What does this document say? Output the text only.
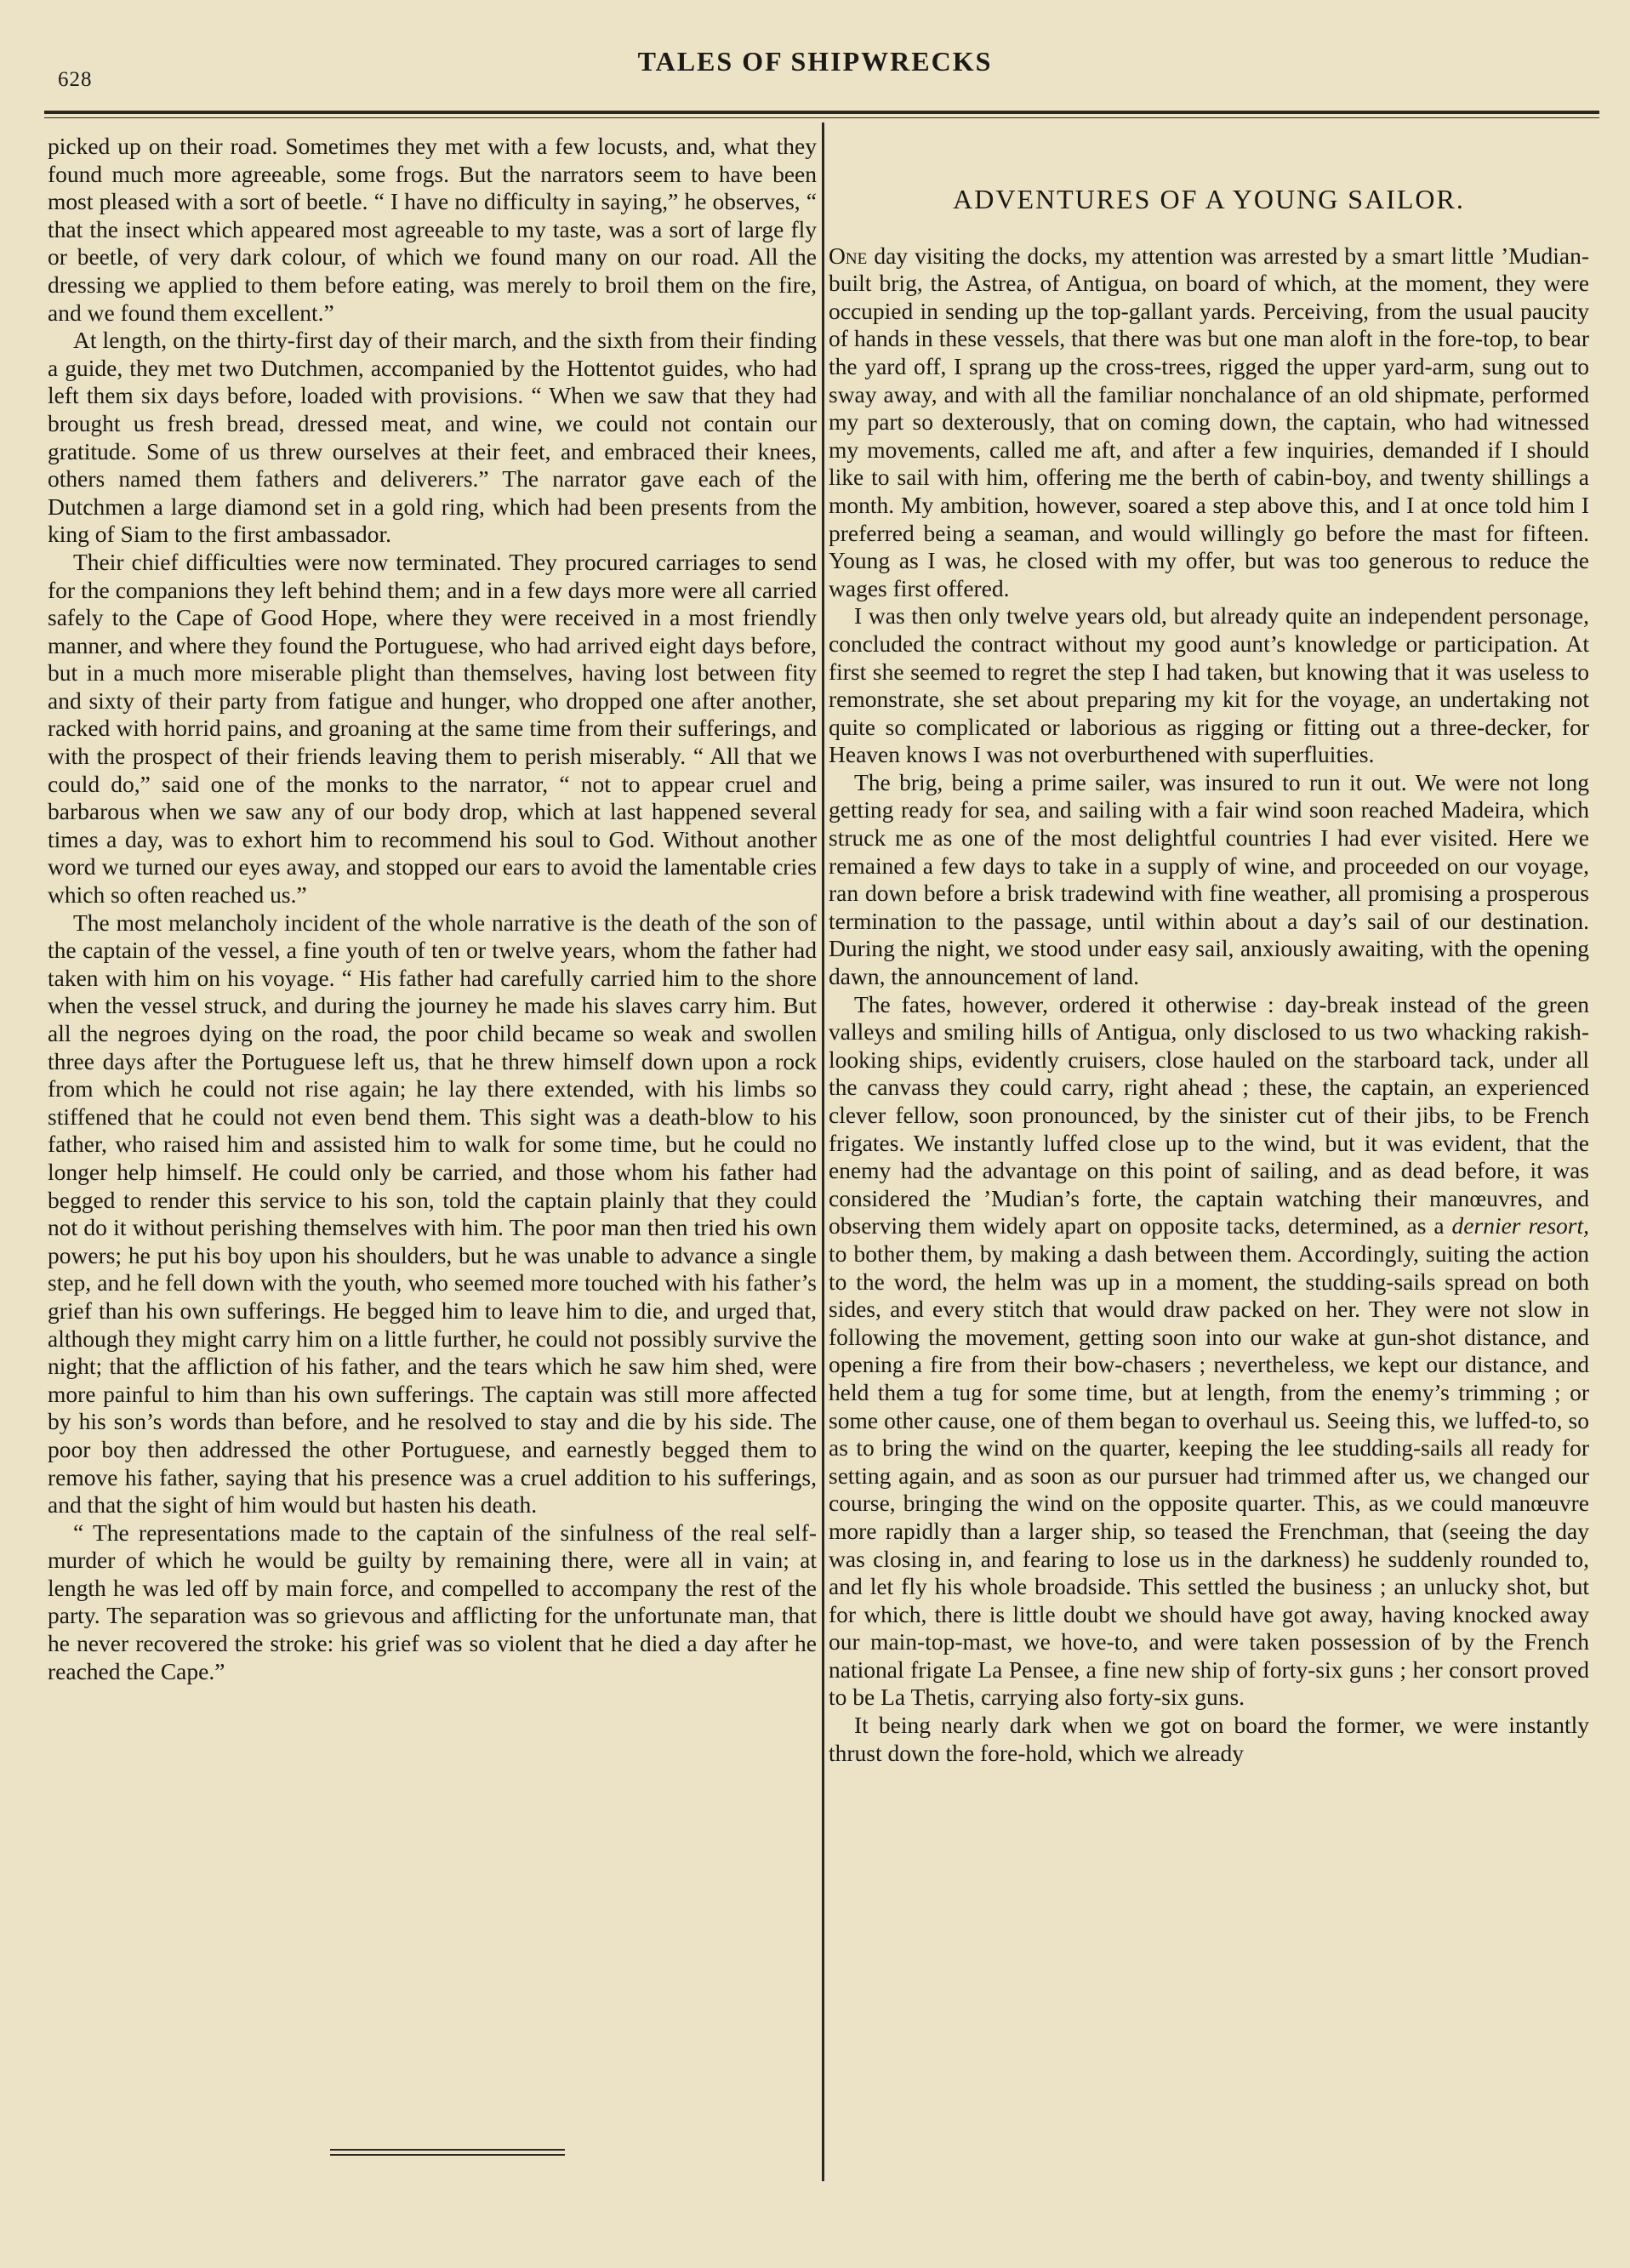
628
TALES OF SHIPWRECKS

picked up on their road. Sometimes they met with a few locusts, and, what they found much more agreeable, some frogs. But the narrators seem to have been most pleased with a sort of beetle. “ I have no difficulty in saying,” he observes, “ that the insect which appeared most agreeable to my taste, was a sort of large fly or beetle, of very dark colour, of which we found many on our road. All the dressing we applied to them before eating, was merely to broil them on the fire, and we found them excellent.”

At length, on the thirty-first day of their march, and the sixth from their finding a guide, they met two Dutchmen, accompanied by the Hottentot guides, who had left them six days before, loaded with provisions. “ When we saw that they had brought us fresh bread, dressed meat, and wine, we could not contain our gratitude. Some of us threw ourselves at their feet, and embraced their knees, others named them fathers and deliverers.” The narrator gave each of the Dutchmen a large diamond set in a gold ring, which had been presents from the king of Siam to the first ambassador.

Their chief difficulties were now terminated. They procured carriages to send for the companions they left behind them; and in a few days more were all carried safely to the Cape of Good Hope, where they were received in a most friendly manner, and where they found the Portuguese, who had arrived eight days before, but in a much more miserable plight than themselves, having lost between fity and sixty of their party from fatigue and hunger, who dropped one after another, racked with horrid pains, and groaning at the same time from their sufferings, and with the prospect of their friends leaving them to perish miserably. “ All that we could do,” said one of the monks to the narrator, “ not to appear cruel and barbarous when we saw any of our body drop, which at last happened several times a day, was to exhort him to recommend his soul to God. Without another word we turned our eyes away, and stopped our ears to avoid the lamentable cries which so often reached us.”

The most melancholy incident of the whole narrative is the death of the son of the captain of the vessel, a fine youth of ten or twelve years, whom the father had taken with him on his voyage. “ His father had carefully carried him to the shore when the vessel struck, and during the journey he made his slaves carry him. But all the negroes dying on the road, the poor child became so weak and swollen three days after the Portuguese left us, that he threw himself down upon a rock from which he could not rise again; he lay there extended, with his limbs so stiffened that he could not even bend them. This sight was a death-blow to his father, who raised him and assisted him to walk for some time, but he could no longer help himself. He could only be carried, and those whom his father had begged to render this service to his son, told the captain plainly that they could not do it without perishing themselves with him. The poor man then tried his own powers; he put his boy upon his shoulders, but he was unable to advance a single step, and he fell down with the youth, who seemed more touched with his father’s grief than his own sufferings. He begged him to leave him to die, and urged that, although they might carry him on a little further, he could not possibly survive the night; that the affliction of his father, and the tears which he saw him shed, were more painful to him than his own sufferings. The captain was still more affected by his son’s words than before, and he resolved to stay and die by his side. The poor boy then addressed the other Portuguese, and earnestly begged them to remove his father, saying that his presence was a cruel addition to his sufferings, and that the sight of him would but hasten his death.

“ The representations made to the captain of the sinfulness of the real self-murder of which he would be guilty by remaining there, were all in vain; at length he was led off by main force, and compelled to accompany the rest of the party. The separation was so grievous and afflicting for the unfortunate man, that he never recovered the stroke: his grief was so violent that he died a day after he reached the Cape.”

ADVENTURES OF A YOUNG SAILOR.

One day visiting the docks, my attention was arrested by a smart little ’Mudian-built brig, the Astrea, of Antigua, on board of which, at the moment, they were occupied in sending up the top-gallant yards. Perceiving, from the usual paucity of hands in these vessels, that there was but one man aloft in the fore-top, to bear the yard off, I sprang up the cross-trees, rigged the upper yard-arm, sung out to sway away, and with all the familiar nonchalance of an old shipmate, performed my part so dexterously, that on coming down, the captain, who had witnessed my movements, called me aft, and after a few inquiries, demanded if I should like to sail with him, offering me the berth of cabin-boy, and twenty shillings a month. My ambition, however, soared a step above this, and I at once told him I preferred being a seaman, and would willingly go before the mast for fifteen. Young as I was, he closed with my offer, but was too generous to reduce the wages first offered.

I was then only twelve years old, but already quite an independent personage, concluded the contract without my good aunt’s knowledge or participation. At first she seemed to regret the step I had taken, but knowing that it was useless to remonstrate, she set about preparing my kit for the voyage, an undertaking not quite so complicated or laborious as rigging or fitting out a three-decker, for Heaven knows I was not overburthened with superfluities.

The brig, being a prime sailer, was insured to run it out. We were not long getting ready for sea, and sailing with a fair wind soon reached Madeira, which struck me as one of the most delightful countries I had ever visited. Here we remained a few days to take in a supply of wine, and proceeded on our voyage, ran down before a brisk tradewind with fine weather, all promising a prosperous termination to the passage, until within about a day’s sail of our destination. During the night, we stood under easy sail, anxiously awaiting, with the opening dawn, the announcement of land.

The fates, however, ordered it otherwise : day-break instead of the green valleys and smiling hills of Antigua, only disclosed to us two whacking rakish-looking ships, evidently cruisers, close hauled on the starboard tack, under all the canvass they could carry, right ahead ; these, the captain, an experienced clever fellow, soon pronounced, by the sinister cut of their jibs, to be French frigates. We instantly luffed close up to the wind, but it was evident, that the enemy had the advantage on this point of sailing, and as dead before, it was considered the ’Mudian’s forte, the captain watching their manœuvres, and observing them widely apart on opposite tacks, determined, as a dernier resort, to bother them, by making a dash between them. Accordingly, suiting the action to the word, the helm was up in a moment, the studding-sails spread on both sides, and every stitch that would draw packed on her. They were not slow in following the movement, getting soon into our wake at gun-shot distance, and opening a fire from their bow-chasers ; nevertheless, we kept our distance, and held them a tug for some time, but at length, from the enemy’s trimming ; or some other cause, one of them began to overhaul us. Seeing this, we luffed-to, so as to bring the wind on the quarter, keeping the lee studding-sails all ready for setting again, and as soon as our pursuer had trimmed after us, we changed our course, bringing the wind on the opposite quarter. This, as we could manœuvre more rapidly than a larger ship, so teased the Frenchman, that (seeing the day was closing in, and fearing to lose us in the darkness) he suddenly rounded to, and let fly his whole broadside. This settled the business ; an unlucky shot, but for which, there is little doubt we should have got away, having knocked away our main-top-mast, we hove-to, and were taken possession of by the French national frigate La Pensee, a fine new ship of forty-six guns ; her consort proved to be La Thetis, carrying also forty-six guns.

It being nearly dark when we got on board the former, we were instantly thrust down the fore-hold, which we already
